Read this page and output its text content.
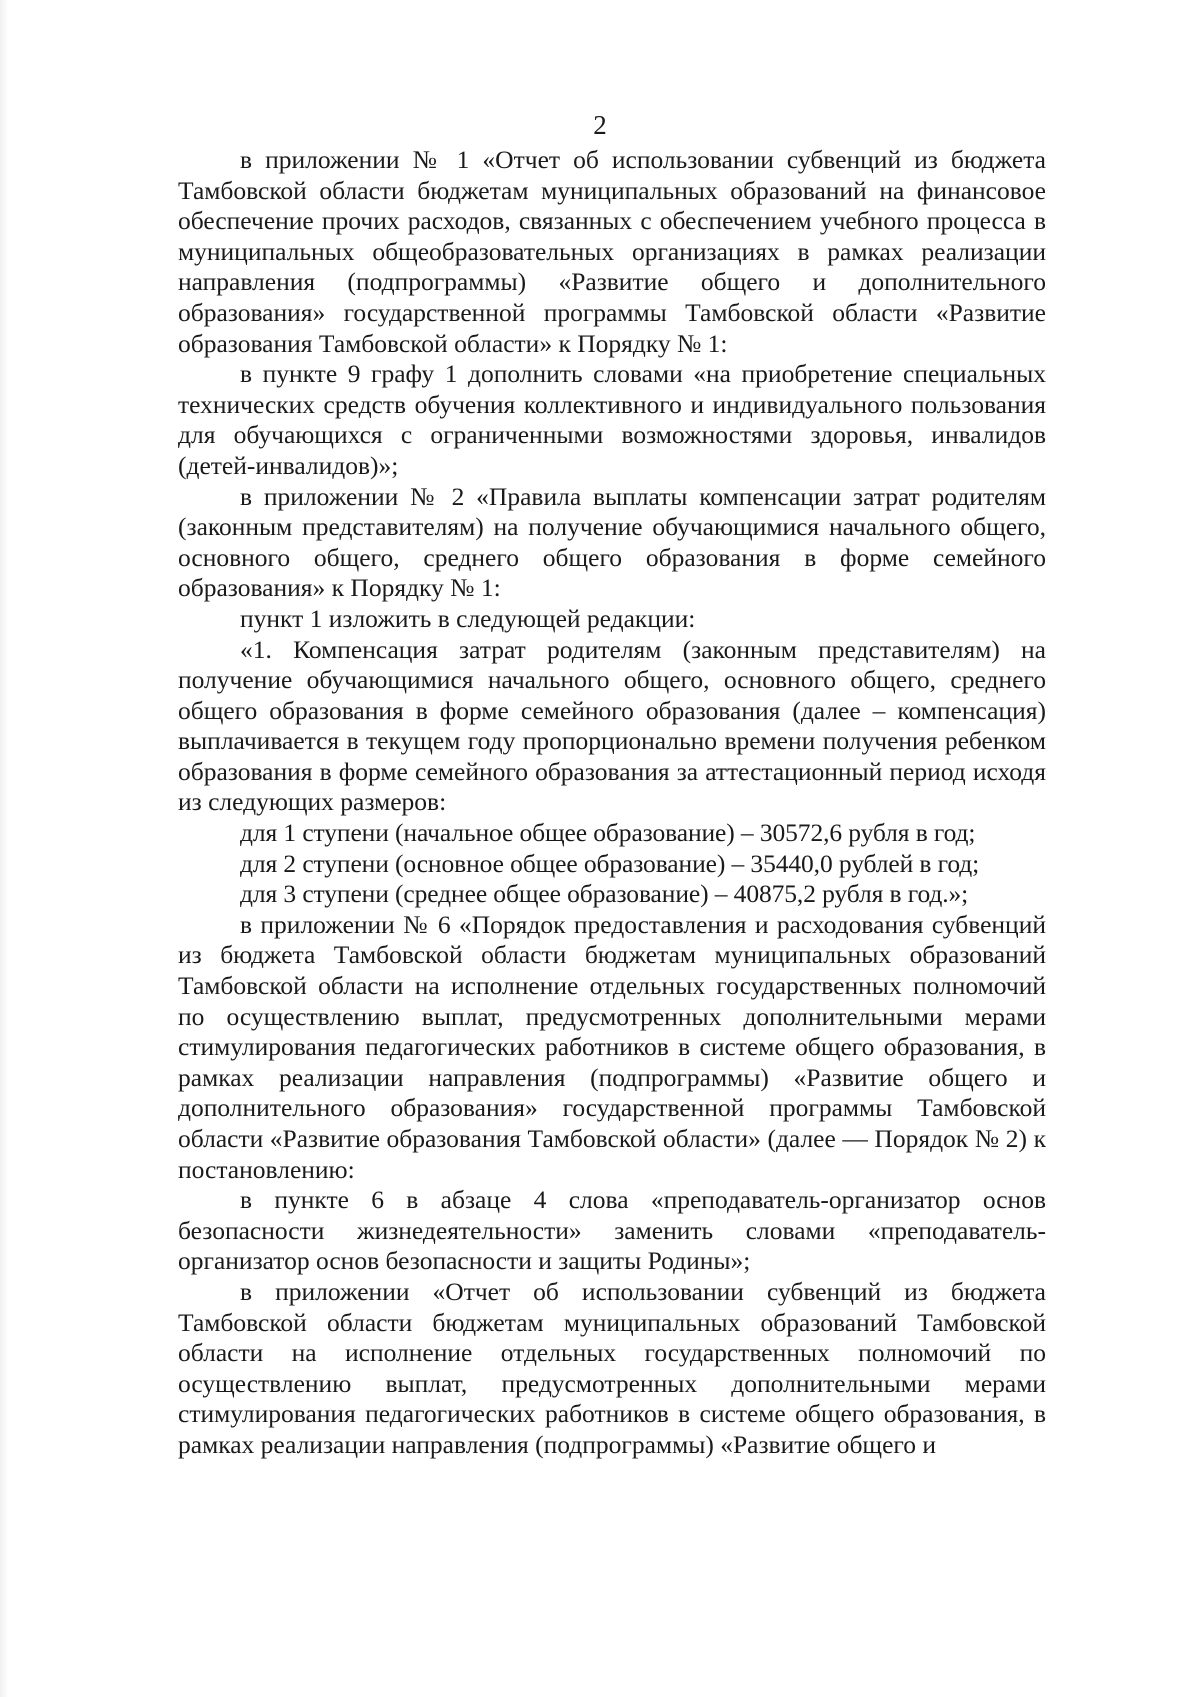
2

в приложении № 1 «Отчет об использовании субвенций из бюджета Тамбовской области бюджетам муниципальных образований на финансовое обеспечение прочих расходов, связанных с обеспечением учебного процесса в муниципальных общеобразовательных организациях в рамках реализации направления (подпрограммы) «Развитие общего и дополнительного образования» государственной программы Тамбовской области «Развитие образования Тамбовской области» к Порядку № 1:

в пункте 9 графу 1 дополнить словами «на приобретение специальных технических средств обучения коллективного и индивидуального пользования для обучающихся с ограниченными возможностями здоровья, инвалидов (детей-инвалидов)»;

в приложении № 2 «Правила выплаты компенсации затрат родителям (законным представителям) на получение обучающимися начального общего, основного общего, среднего общего образования в форме семейного образования» к Порядку № 1:

пункт 1 изложить в следующей редакции:

«1. Компенсация затрат родителям (законным представителям) на получение обучающимися начального общего, основного общего, среднего общего образования в форме семейного образования (далее – компенсация) выплачивается в текущем году пропорционально времени получения ребенком образования в форме семейного образования за аттестационный период исходя из следующих размеров:

для 1 ступени (начальное общее образование) – 30572,6 рубля в год;

для 2 ступени (основное общее образование) – 35440,0 рублей в год;

для 3 ступени (среднее общее образование) – 40875,2 рубля в год.»;

в приложении № 6 «Порядок предоставления и расходования субвенций из бюджета Тамбовской области бюджетам муниципальных образований Тамбовской области на исполнение отдельных государственных полномочий по осуществлению выплат, предусмотренных дополнительными мерами стимулирования педагогических работников в системе общего образования, в рамках реализации направления (подпрограммы) «Развитие общего и дополнительного образования» государственной программы Тамбовской области «Развитие образования Тамбовской области» (далее — Порядок № 2) к постановлению:

в пункте 6 в абзаце 4 слова «преподаватель-организатор основ безопасности жизнедеятельности» заменить словами «преподаватель-организатор основ безопасности и защиты Родины»;

в приложении «Отчет об использовании субвенций из бюджета Тамбовской области бюджетам муниципальных образований Тамбовской области на исполнение отдельных государственных полномочий по осуществлению выплат, предусмотренных дополнительными мерами стимулирования педагогических работников в системе общего образования, в рамках реализации направления (подпрограммы) «Развитие общего и
